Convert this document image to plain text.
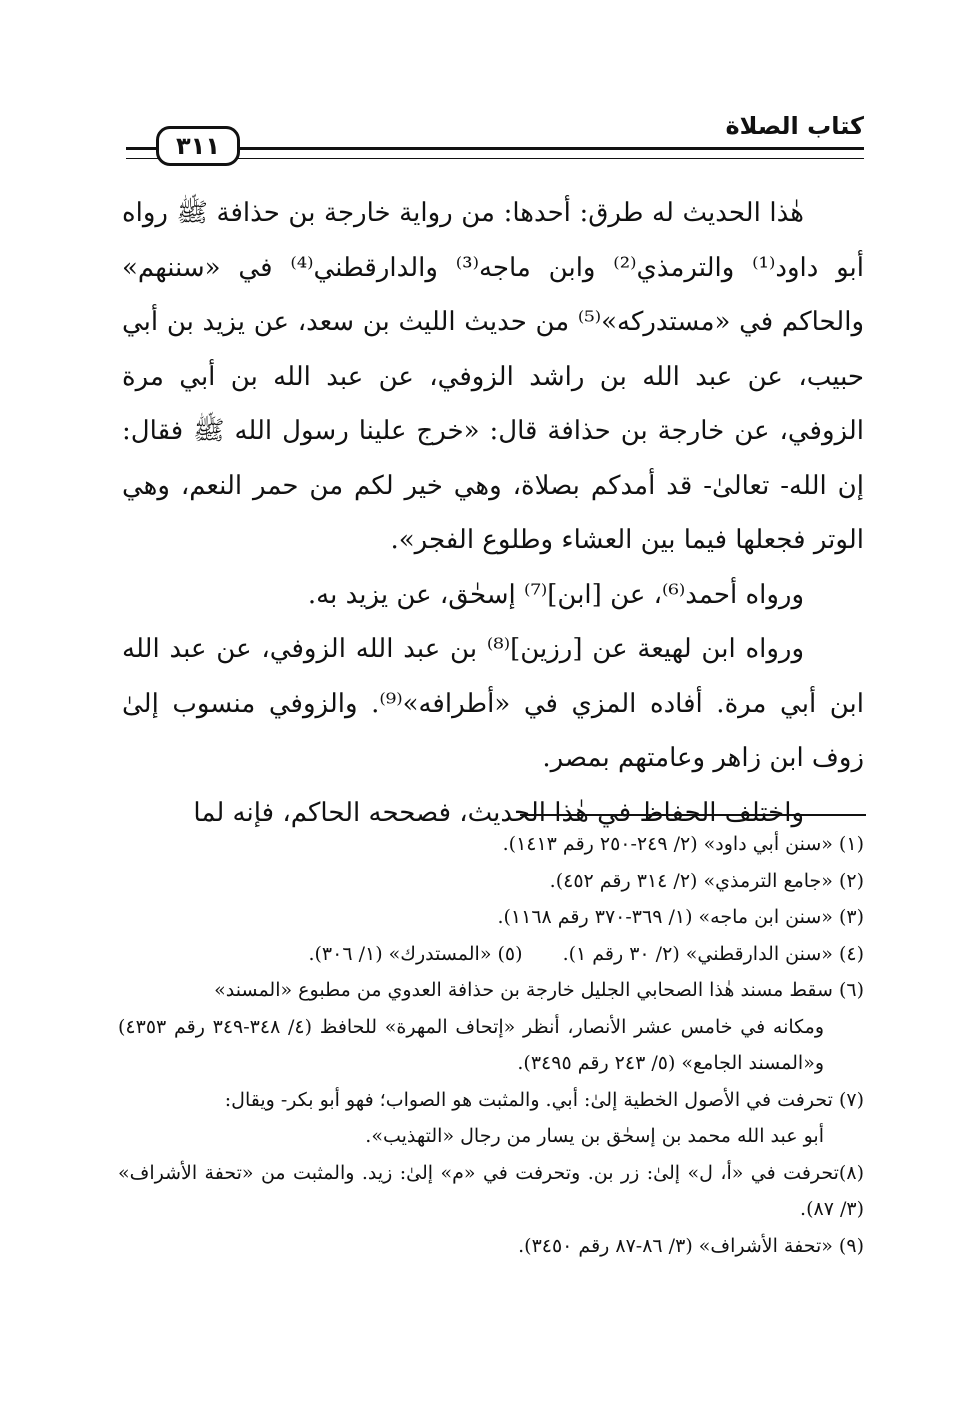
كتاب الصلاة
٣١١

هٰذا الحديث له طرق: أحدها: من رواية خارجة بن حذافة ﷺ رواه أبو داود⁽¹⁾ والترمذي⁽²⁾ وابن ماجه⁽³⁾ والدارقطني⁽⁴⁾ في «سننهم» والحاكم في «مستدركه»⁽⁵⁾ من حديث الليث بن سعد، عن يزيد بن أبي حبيب، عن عبد الله بن راشد الزوفي، عن عبد الله بن أبي مرة الزوفي، عن خارجة بن حذافة قال: «خرج علينا رسول الله ﷺ فقال: إن الله- تعالىٰ- قد أمدكم بصلاة، وهي خير لكم من حمر النعم، وهي الوتر فجعلها فيما بين العشاء وطلوع الفجر».

ورواه أحمد⁽⁶⁾، عن [ابن]⁽⁷⁾ إسحٰق، عن يزيد به.

ورواه ابن لهيعة عن [رزين]⁽⁸⁾ بن عبد الله الزوفي، عن عبد الله ابن أبي مرة. أفاده المزي في «أطرافه»⁽⁹⁾. والزوفي منسوب إلىٰ زوف ابن زاهر وعامتهم بمصر.

واختلف الحفاظ في هٰذا الحديث، فصححه الحاكم، فإنه لما

(١) «سنن أبي داود» (٢/ ٢٤٩-٢٥٠ رقم ١٤١٣).

(٢) «جامع الترمذي» (٢/ ٣١٤ رقم ٤٥٢).

(٣) «سنن ابن ماجه» (١/ ٣٦٩-٣٧٠ رقم ١١٦٨).

(٤) «سنن الدارقطني» (٢/ ٣٠ رقم ١).(٥) «المستدرك» (١/ ٣٠٦).

(٦) سقط مسند هٰذا الصحابي الجليل خارجة بن حذافة العدوي من مطبوع «المسند»
ومكانه في خامس عشر الأنصار، أنظر «إتحاف المهرة» للحافظ (٤/ ٣٤٨-٣٤٩ رقم ٤٣٥٣) و«المسند الجامع» (٥/ ٢٤٣ رقم ٣٤٩٥).

(٧) تحرفت في الأصول الخطية إلىٰ: أبي. والمثبت هو الصواب؛ فهو أبو بكر- ويقال:
أبو عبد الله محمد بن إسحٰق بن يسار من رجال «التهذيب».

(٨)تحرفت في «أ، ل» إلىٰ: زر بن. وتحرفت في «م» إلىٰ: زيد. والمثبت من «تحفة الأشراف» (٣/ ٨٧).

(٩) «تحفة الأشراف» (٣/ ٨٦-٨٧ رقم ٣٤٥٠).
